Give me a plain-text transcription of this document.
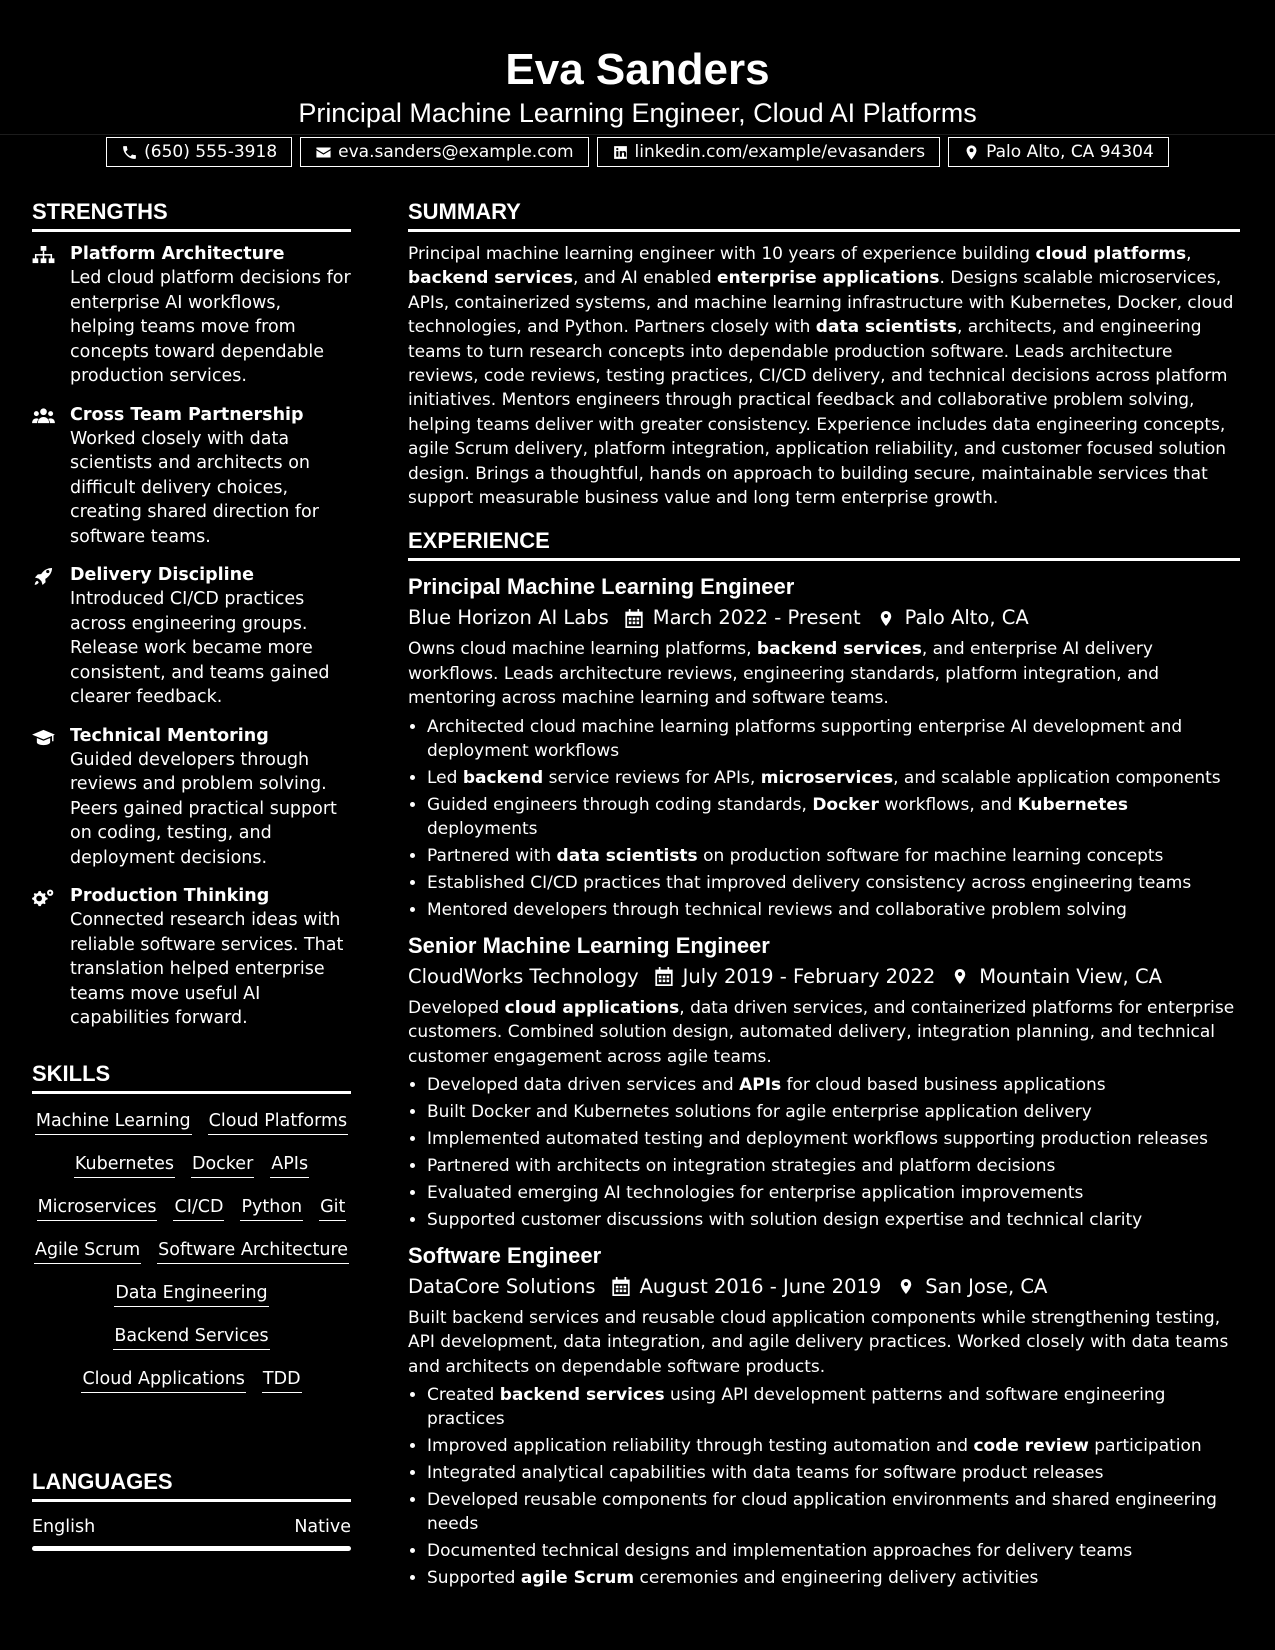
Eva Sanders

Principal Machine Learning Engineer, Cloud AI Platforms

(650) 555-3918	eva.sanders@example.com	linkedin.com/example/evasanders	Palo Alto, CA 94304
STRENGTHS
Platform Architecture
Led cloud platform decisions for enterprise AI workflows, helping teams move from concepts toward dependable production services.
Cross Team Partnership
Worked closely with data scientists and architects on difficult delivery choices, creating shared direction for software teams.
Delivery Discipline
Introduced CI/CD practices across engineering groups. Release work became more consistent, and teams gained clearer feedback.
Technical Mentoring
Guided developers through reviews and problem solving. Peers gained practical support on coding, testing, and deployment decisions.
Production Thinking
Connected research ideas with reliable software services. That translation helped enterprise teams move useful AI capabilities forward.
SKILLS
Machine Learning Cloud Platforms
Kubernetes Docker APIs
Microservices CI/CD Python Git
Agile Scrum Software Architecture
Data Engineering
Backend Services
Cloud Applications TDD
LANGUAGES
English	Native
SUMMARY

Principal machine learning engineer with 10 years of experience building cloud platforms, backend services, and AI enabled enterprise applications. Designs scalable microservices, APIs, containerized systems, and machine learning infrastructure with Kubernetes, Docker, cloud technologies, and Python. Partners closely with data scientists, architects, and engineering teams to turn research concepts into dependable production software. Leads architecture reviews, code reviews, testing practices, CI/CD delivery, and technical decisions across platform initiatives. Mentors engineers through practical feedback and collaborative problem solving, helping teams deliver with greater consistency. Experience includes data engineering concepts, agile Scrum delivery, platform integration, application reliability, and customer focused solution design. Brings a thoughtful, hands on approach to building secure, maintainable services that support measurable business value and long term enterprise growth.

EXPERIENCE
Principal Machine Learning Engineer
Blue Horizon AI Labs March 2022 - Present Palo Alto, CA

Owns cloud machine learning platforms, backend services, and enterprise AI delivery workflows. Leads architecture reviews, engineering standards, platform integration, and mentoring across machine learning and software teams.

• Architected cloud machine learning platforms supporting enterprise AI development and deployment workflows
• Led backend service reviews for APIs, microservices, and scalable application components
• Guided engineers through coding standards, Docker workflows, and Kubernetes deployments
• Partnered with data scientists on production software for machine learning concepts
• Established CI/CD practices that improved delivery consistency across engineering teams
• Mentored developers through technical reviews and collaborative problem solving
Senior Machine Learning Engineer
CloudWorks Technology July 2019 - February 2022 Mountain View, CA

Developed cloud applications, data driven services, and containerized platforms for enterprise customers. Combined solution design, automated delivery, integration planning, and technical customer engagement across agile teams.

• Developed data driven services and APIs for cloud based business applications
• Built Docker and Kubernetes solutions for agile enterprise application delivery
• Implemented automated testing and deployment workflows supporting production releases
• Partnered with architects on integration strategies and platform decisions
• Evaluated emerging AI technologies for enterprise application improvements
• Supported customer discussions with solution design expertise and technical clarity
Software Engineer
DataCore Solutions August 2016 - June 2019 San Jose, CA

Built backend services and reusable cloud application components while strengthening testing, API development, data integration, and agile delivery practices. Worked closely with data teams and architects on dependable software products.

• Created backend services using API development patterns and software engineering practices
• Improved application reliability through testing automation and code review participation
• Integrated analytical capabilities with data teams for software product releases
• Developed reusable components for cloud application environments and shared engineering needs
• Documented technical designs and implementation approaches for delivery teams
• Supported agile Scrum ceremonies and engineering delivery activities
